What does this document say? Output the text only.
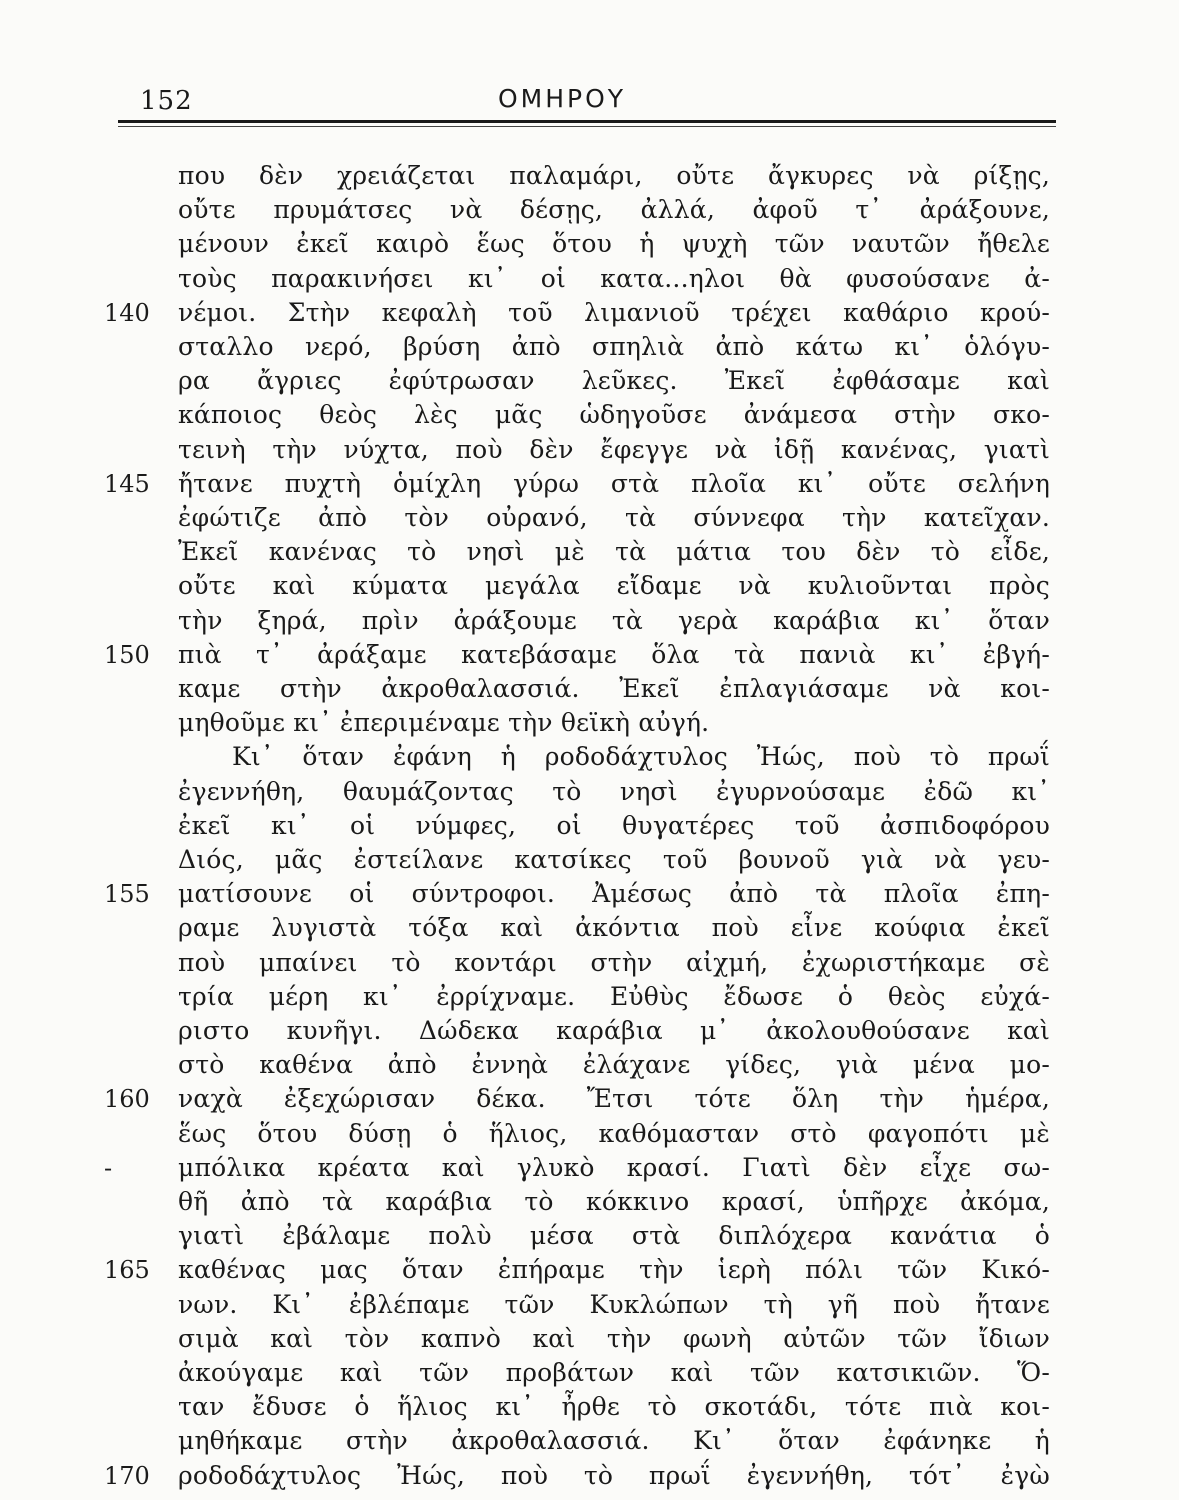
152	ΟΜΗΡΟΥ
που δὲν χρειάζεται παλαμάρι, οὔτε ἄγκυρες νὰ ρίξῃς,
οὔτε πρυμάτσες νὰ δέσῃς, ἀλλά, ἀφοῦ τ᾽ ἀράξουνε,
μένουν ἐκεῖ καιρὸ ἕως ὅτου ἡ ψυχὴ τῶν ναυτῶν ἤθελε
τοὺς παρακινήσει κι᾽ οἱ κατα...ηλοι θὰ φυσούσανε ἀ-
νέμοι. Στὴν κεφαλὴ τοῦ λιμανιοῦ τρέχει καθάριο κρού-
140
σταλλο νερό, βρύση ἀπὸ σπηλιὰ ἀπὸ κάτω κι᾽ ὁλόγυ-
ρα ἄγριες ἐφύτρωσαν λεῦκες. Ἐκεῖ ἐφθάσαμε καὶ
κάποιος θεὸς λὲς μᾶς ὡδηγοῦσε ἀνάμεσα στὴν σκο-
τεινὴ τὴν νύχτα, ποὺ δὲν ἔφεγγε νὰ ἰδῇ κανένας, γιατὶ
ἤτανε πυχτὴ ὁμίχλη γύρω στὰ πλοῖα κι᾽ οὔτε σελήνη
145
ἐφώτιζε ἀπὸ τὸν οὐρανό, τὰ σύννεφα τὴν κατεῖχαν.
Ἐκεῖ κανένας τὸ νησὶ μὲ τὰ μάτια του δὲν τὸ εἶδε,
οὔτε καὶ κύματα μεγάλα εἴδαμε νὰ κυλιοῦνται πρὸς
τὴν ξηρά, πρὶν ἀράξουμε τὰ γερὰ καράβια κι᾽ ὅταν
πιὰ τ᾽ ἀράξαμε κατεβάσαμε ὅλα τὰ πανιὰ κι᾽ ἐβγή-
150
καμε στὴν ἀκροθαλασσιά. Ἐκεῖ ἐπλαγιάσαμε νὰ κοι-
μηθοῦμε κι᾽ ἐπεριμέναμε τὴν θεϊκὴ αὐγή.
Κι᾽ ὅταν ἐφάνη ἡ ροδοδάχτυλος Ἠώς, ποὺ τὸ πρωΐ
ἐγεννήθη, θαυμάζοντας τὸ νησὶ ἐγυρνούσαμε ἐδῶ κι᾽
ἐκεῖ κι᾽ οἱ νύμφες, οἱ θυγατέρες τοῦ ἀσπιδοφόρου
Διός, μᾶς ἐστείλανε κατσίκες τοῦ βουνοῦ γιὰ νὰ γευ-
ματίσουνε οἱ σύντροφοι. Ἀμέσως ἀπὸ τὰ πλοῖα ἐπη-
155
ραμε λυγιστὰ τόξα καὶ ἀκόντια ποὺ εἶνε κούφια ἐκεῖ
ποὺ μπαίνει τὸ κοντάρι στὴν αἰχμή, ἐχωριστήκαμε σὲ
τρία μέρη κι᾽ ἐρρίχναμε. Εὐθὺς ἔδωσε ὁ θεὸς εὐχά-
ριστο κυνῆγι. Δώδεκα καράβια μ᾽ ἀκολουθούσανε καὶ
στὸ καθένα ἀπὸ ἐννηὰ ἐλάχανε γίδες, γιὰ μένα μο-
ναχὰ ἐξεχώρισαν δέκα. Ἔτσι τότε ὅλη τὴν ἡμέρα,
160
ἕως ὅτου δύσῃ ὁ ἥλιος, καθόμασταν στὸ φαγοπότι μὲ
μπόλικα κρέατα καὶ γλυκὸ κρασί. Γιατὶ δὲν εἶχε σω-
-
θῆ ἀπὸ τὰ καράβια τὸ κόκκινο κρασί, ὑπῆρχε ἀκόμα,
γιατὶ ἐβάλαμε πολὺ μέσα στὰ διπλόχερα κανάτια ὁ
καθένας μας ὅταν ἐπήραμε τὴν ἱερὴ πόλι τῶν Κικό-
165
νων. Κι᾽ ἐβλέπαμε τῶν Κυκλώπων τὴ γῆ ποὺ ἤτανε
σιμὰ καὶ τὸν καπνὸ καὶ τὴν φωνὴ αὐτῶν τῶν ἴδιων
ἀκούγαμε καὶ τῶν προβάτων καὶ τῶν κατσικιῶν. Ὅ-
ταν ἔδυσε ὁ ἥλιος κι᾽ ἦρθε τὸ σκοτάδι, τότε πιὰ κοι-
μηθήκαμε στὴν ἀκροθαλασσιά. Κι᾽ ὅταν ἐφάνηκε ἡ
ροδοδάχτυλος Ἠώς, ποὺ τὸ πρωΐ ἐγεννήθη, τότ᾽ ἐγὼ
170
